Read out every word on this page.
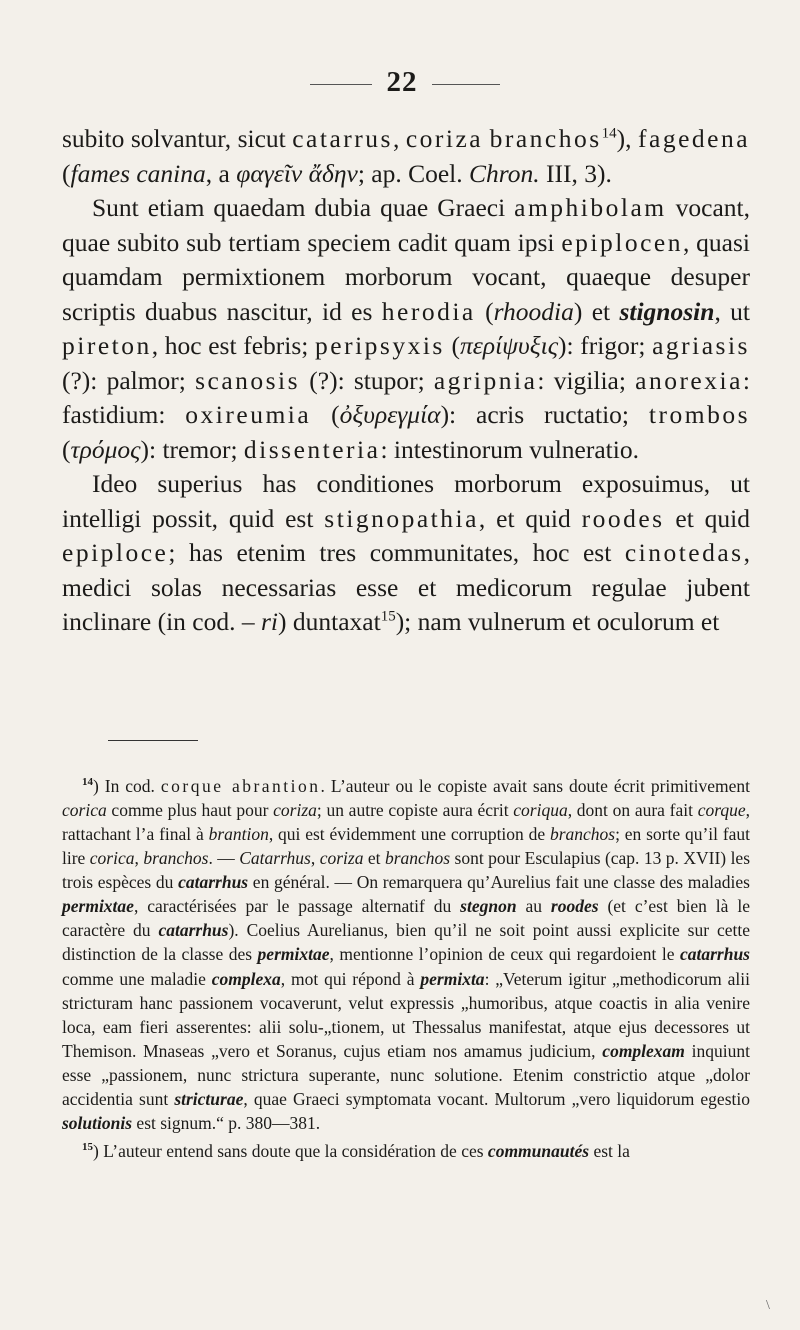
22

subito solvantur, sicut catarrus, coriza branchos$^{14}$), fagedena (fames canina, a φαγεῖν ἄδην; ap. Coel. Chron. III, 3).

Sunt etiam quaedam dubia quae Graeci amphibolam vocant, quae subito sub tertiam speciem cadit quam ipsi epiplocen, quasi quamdam permixtionem morborum vocant, quaeque desuper scriptis duabus nascitur, id es herodia (rhoodia) et stignosin, ut pireton, hoc est febris; peripsyxis (περίψυξις): frigor; agriasis (?): palmor; scanosis (?): stupor; agripnia: vigilia; anorexia: fastidium: oxireumia (ὀξυρεγμία): acris ructatio; trombos (τρόμος): tremor; dissenteria: intestinorum vulneratio.

Ideo superius has conditiones morborum exposuimus, ut intelligi possit, quid est stignopathia, et quid roodes et quid epiploce; has etenim tres communitates, hoc est cinotedas, medici solas necessarias esse et medicorum regulae jubent inclinare (in cod. – ri) duntaxat$^{15}$); nam vulnerum et oculorum et

$^{14}$) In cod. corque abrantion. L’auteur ou le copiste avait sans doute écrit primitivement corica comme plus haut pour coriza; un autre copiste aura écrit coriqua, dont on aura fait corque, rattachant l’a final à brantion, qui est évidemment une corruption de branchos; en sorte qu’il faut lire corica, branchos. — Catarrhus, coriza et branchos sont pour Esculapius (cap. 13 p. XVII) les trois espèces du catarrhus en général. — On remarquera qu’Aurelius fait une classe des maladies permixtae, caractérisées par le passage alternatif du stegnon au roodes (et c’est bien là le caractère du catarrhus). Coelius Aurelianus, bien qu’il ne soit point aussi explicite sur cette distinction de la classe des permixtae, mentionne l’opinion de ceux qui regardoient le catarrhus comme une maladie complexa, mot qui répond à permixta: „Veterum igitur „methodicorum alii stricturam hanc passionem vocaverunt, velut expressis „humoribus, atque coactis in alia venire loca, eam fieri asserentes: alii solu-„tionem, ut Thessalus manifestat, atque ejus decessores ut Themison. Mnaseas „vero et Soranus, cujus etiam nos amamus judicium, complexam inquiunt esse „passionem, nunc strictura superante, nunc solutione. Etenim constrictio atque „dolor accidentia sunt stricturae, quae Graeci symptomata vocant. Multorum „vero liquidorum egestio solutionis est signum.“ p. 380—381.

$^{15}$) L’auteur entend sans doute que la considération de ces communautés est la

\
